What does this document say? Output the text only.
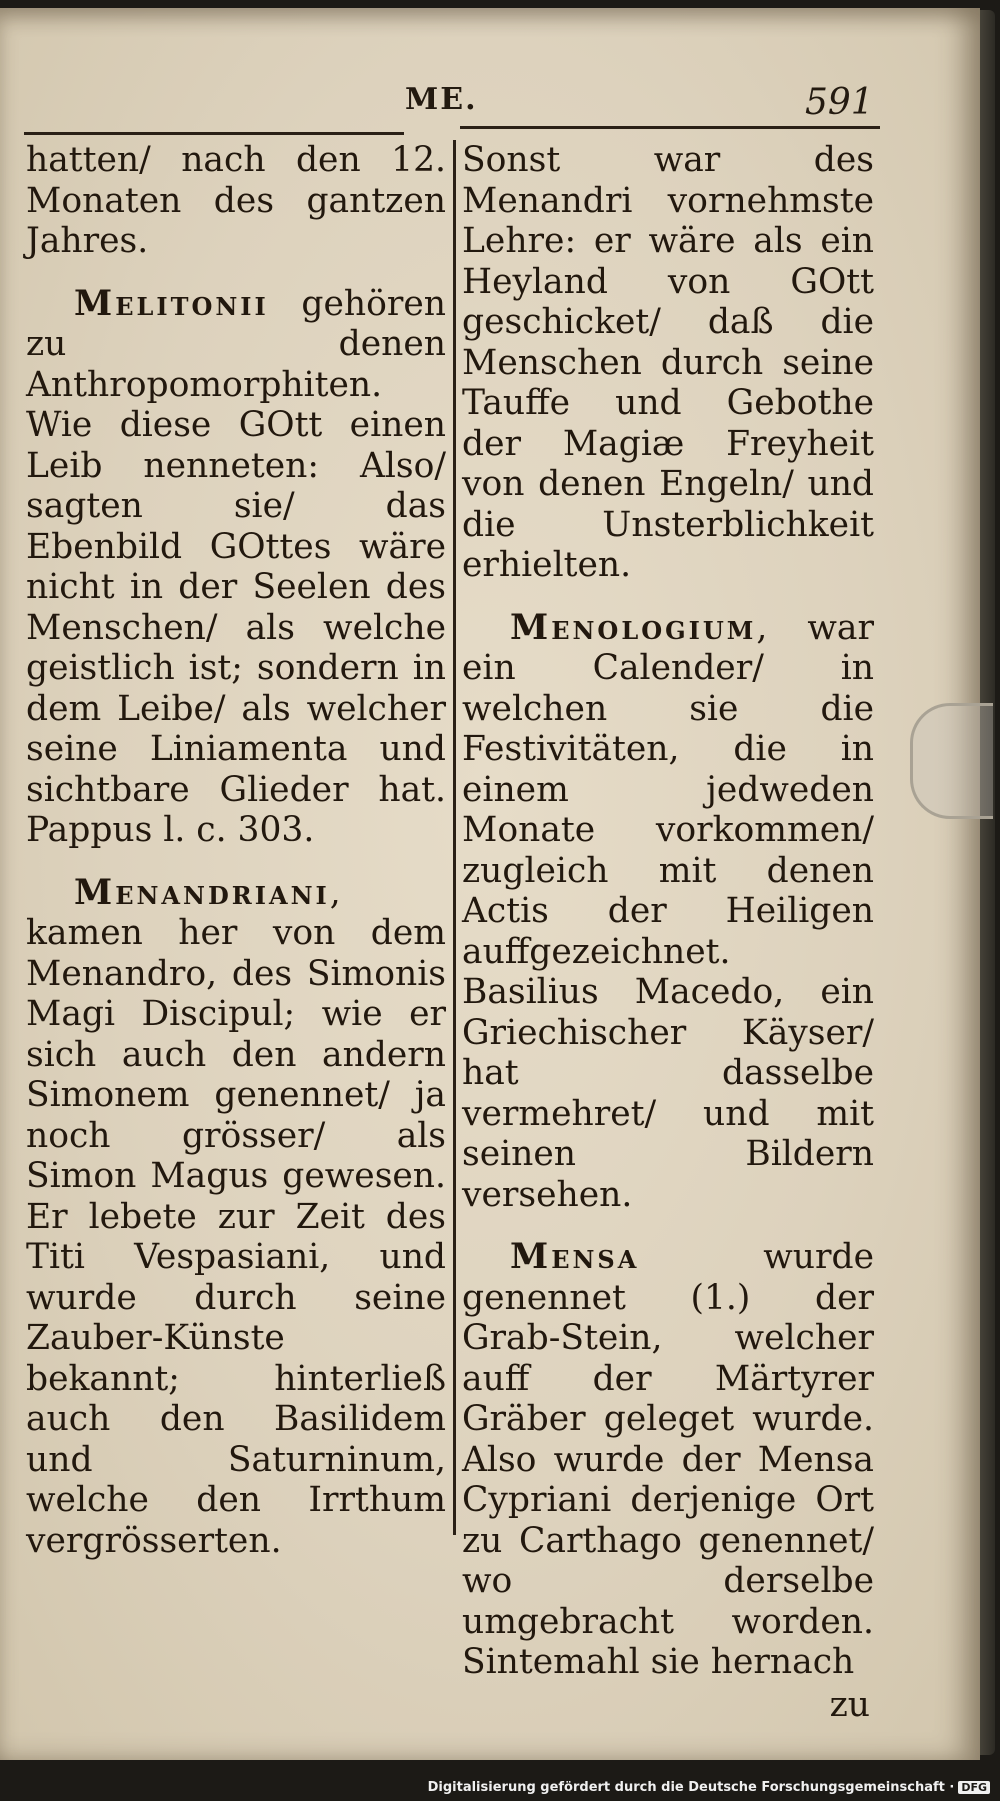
ME.	591

hatten/ nach den 12. Monaten des gantzen Jahres.

Melitonii gehören zu denen Anthropomorphiten. Wie diese GOtt einen Leib nenneten: Also/ sagten sie/ das Ebenbild GOttes wäre nicht in der Seelen des Menschen/ als welche geistlich ist; sondern in dem Leibe/ als welcher seine Liniamenta und sichtbare Glieder hat. Pappus l. c. 303.

Menandriani, kamen her von dem Menandro, des Simonis Magi Discipul; wie er sich auch den andern Simonem genennet/ ja noch grösser/ als Simon Magus gewesen. Er lebete zur Zeit des Titi Vespasiani, und wurde durch seine Zauber-Künste bekannt; hinterließ auch den Basilidem und Saturninum, welche den Irrthum vergrösserten.

Sonst war des Menandri vornehmste Lehre: er wäre als ein Heyland von GOtt geschicket/ daß die Menschen durch seine Tauffe und Gebothe der Magiæ Freyheit von denen Engeln/ und die Unsterblichkeit erhielten.

Menologium, war ein Calender/ in welchen sie die Festivitäten, die in einem jedweden Monate vorkommen/ zugleich mit denen Actis der Heiligen auffgezeichnet. Basilius Macedo, ein Griechischer Käyser/ hat dasselbe vermehret/ und mit seinen Bildern versehen.

Mensa wurde genennet (1.) der Grab-Stein, welcher auff der Märtyrer Gräber geleget wurde. Also wurde der Mensa Cypriani derjenige Ort zu Carthago genennet/ wo derselbe umgebracht worden. Sintemahl sie hernach

zu
Digitalisierung gefördert durch die Deutsche Forschungsgemeinschaft · DFG
